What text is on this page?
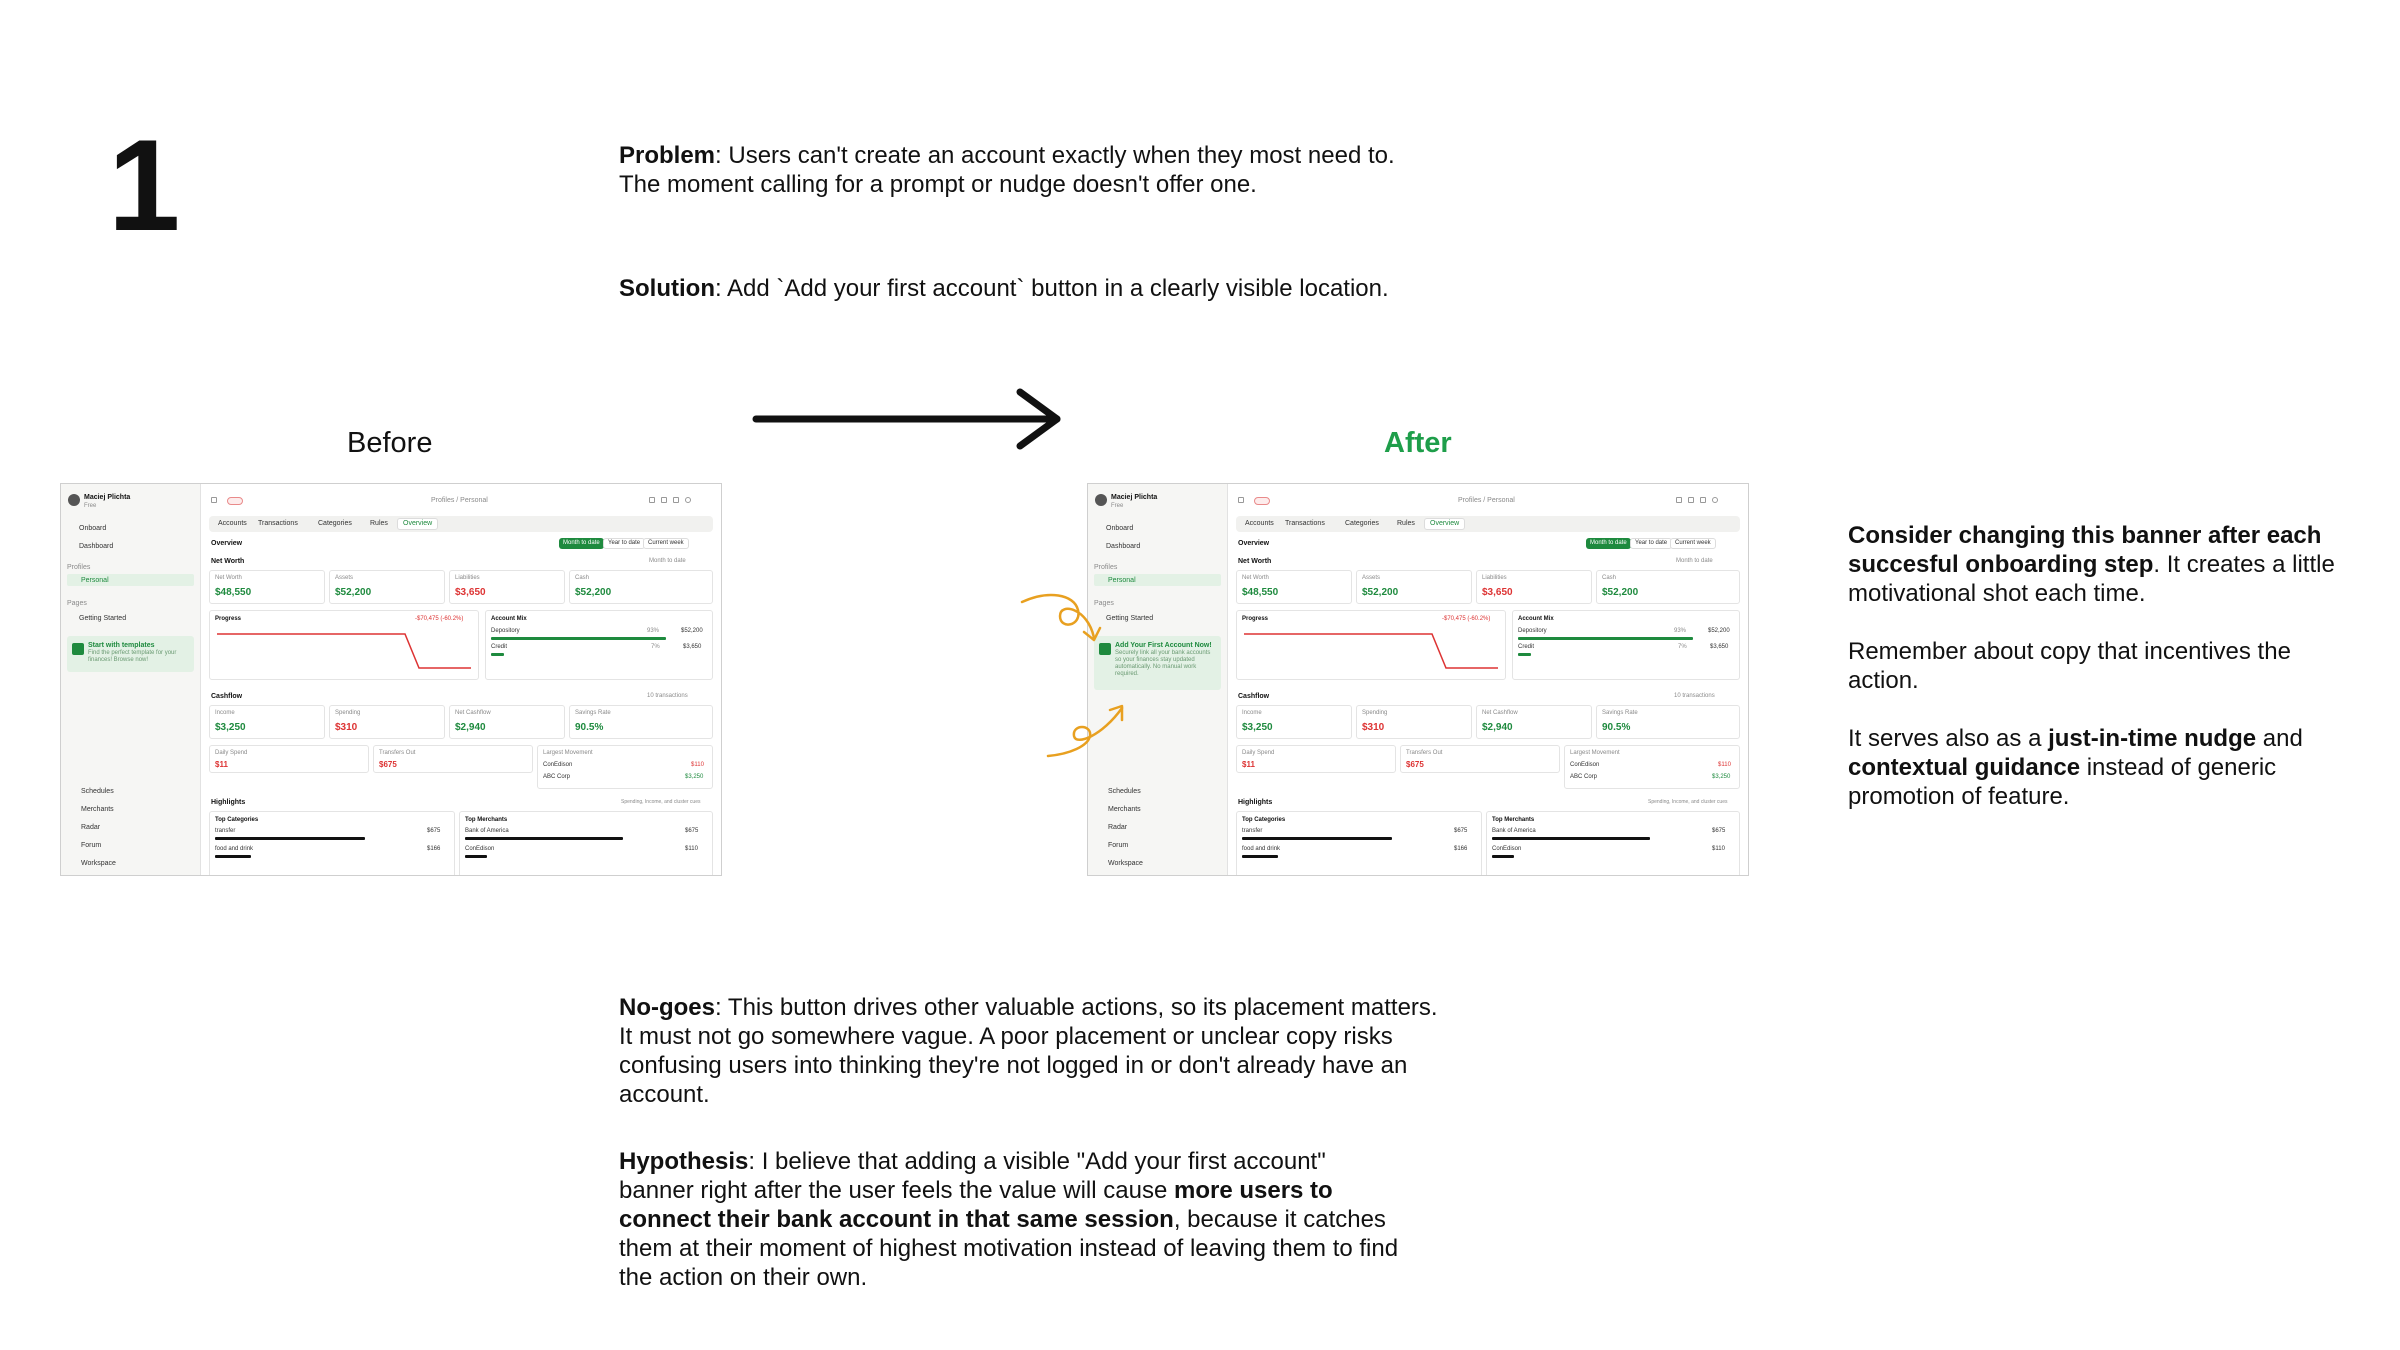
1	Problem: Users can't create an account exactly when they most need to. The moment calling for a prompt or nudge doesn't offer one.
Solution: Add `Add your first account` button in a clearly visible location.
Before	After
Maciej Plichta
Free
Onboard
Dashboard
Profiles
Personal
Pages
Getting Started
Start with templates
Find the perfect template for your finances! Browse now!
Schedules
Merchants
Radar
Forum
Workspace
Profiles / Personal
Accounts	Transactions	Categories	Rules	Overview
Overview	Month to date	Year to date	Current week
Net Worth	Month to date
Net Worth
$48,550
Assets
$52,200
Liabilities
$3,650
Cash
$52,200
Progress	-$70,475 (-60.2%)	Account Mix
Depository	93%	$52,200
Credit	7%	$3,650
Cashflow	10 transactions
Income
$3,250
Spending
$310
Net Cashflow
$2,940
Savings Rate
90.5%
Daily Spend
$11
Transfers Out
$675
Largest Movement
ConEdison	$110
ABC Corp	$3,250
Highlights	Spending, Income, and cluster cues
Top Categories
transfer	$675
food and drink	$166
Top Merchants
Bank of America	$675
ConEdison	$110
Maciej Plichta
Free
Onboard
Dashboard
Profiles
Personal
Pages
Getting Started
Add Your First Account Now!
Securely link all your bank accounts so your finances stay updated automatically. No manual work required.
Schedules
Merchants
Radar
Forum
Workspace
Profiles / Personal
Accounts	Transactions	Categories	Rules	Overview
Overview	Month to date	Year to date	Current week
Net Worth	Month to date
Net Worth
$48,550
Assets
$52,200
Liabilities
$3,650
Cash
$52,200
Progress	-$70,475 (-60.2%)	Account Mix
Depository	93%	$52,200
Credit	7%	$3,650
Cashflow	10 transactions
Income
$3,250
Spending
$310
Net Cashflow
$2,940
Savings Rate
90.5%
Daily Spend
$11
Transfers Out
$675
Largest Movement
ConEdison	$110
ABC Corp	$3,250
Highlights	Spending, Income, and cluster cues
Top Categories
transfer	$675
food and drink	$166
Top Merchants
Bank of America	$675
ConEdison	$110

Consider changing this banner after each succesful onboarding step. It creates a little motivational shot each time.

Remember about copy that incentives the action.

It serves also as a just-in-time nudge and contextual guidance instead of generic promotion of feature.

No-goes: This button drives other valuable actions, so its placement matters. It must not go somewhere vague. A poor placement or unclear copy risks confusing users into thinking they're not logged in or don't already have an account.
Hypothesis: I believe that adding a visible "Add your first account" banner right after the user feels the value will cause more users to connect their bank account in that same session, because it catches them at their moment of highest motivation instead of leaving them to find the action on their own.
